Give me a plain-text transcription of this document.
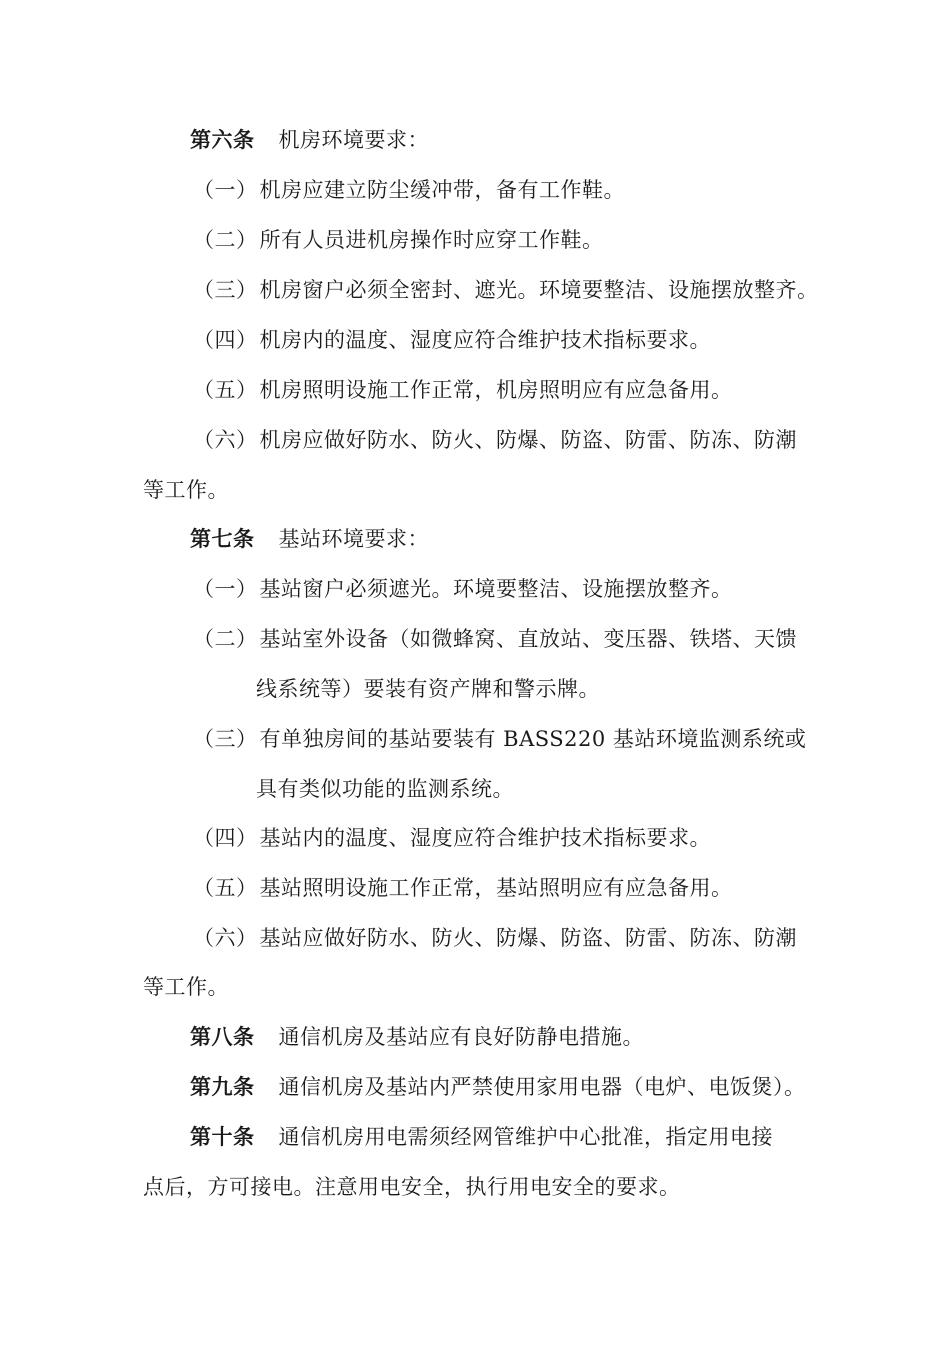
第六条 机房环境要求：
（一）机房应建立防尘缓冲带，备有工作鞋。
（二）所有人员进机房操作时应穿工作鞋。
（三）机房窗户必须全密封、遮光。环境要整洁、设施摆放整齐。
（四）机房内的温度、湿度应符合维护技术指标要求。
（五）机房照明设施工作正常，机房照明应有应急备用。
（六）机房应做好防水、防火、防爆、防盗、防雷、防冻、防潮
等工作。
第七条 基站环境要求：
（一）基站窗户必须遮光。环境要整洁、设施摆放整齐。
（二）基站室外设备（如微蜂窝、直放站、变压器、铁塔、天馈
线系统等）要装有资产牌和警示牌。
（三）有单独房间的基站要装有 BASS220 基站环境监测系统或
具有类似功能的监测系统。
（四）基站内的温度、湿度应符合维护技术指标要求。
（五）基站照明设施工作正常，基站照明应有应急备用。
（六）基站应做好防水、防火、防爆、防盗、防雷、防冻、防潮
等工作。
第八条 通信机房及基站应有良好防静电措施。
第九条 通信机房及基站内严禁使用家用电器（电炉、电饭煲）。
第十条 通信机房用电需须经网管维护中心批准，指定用电接
点后，方可接电。注意用电安全，执行用电安全的要求。
